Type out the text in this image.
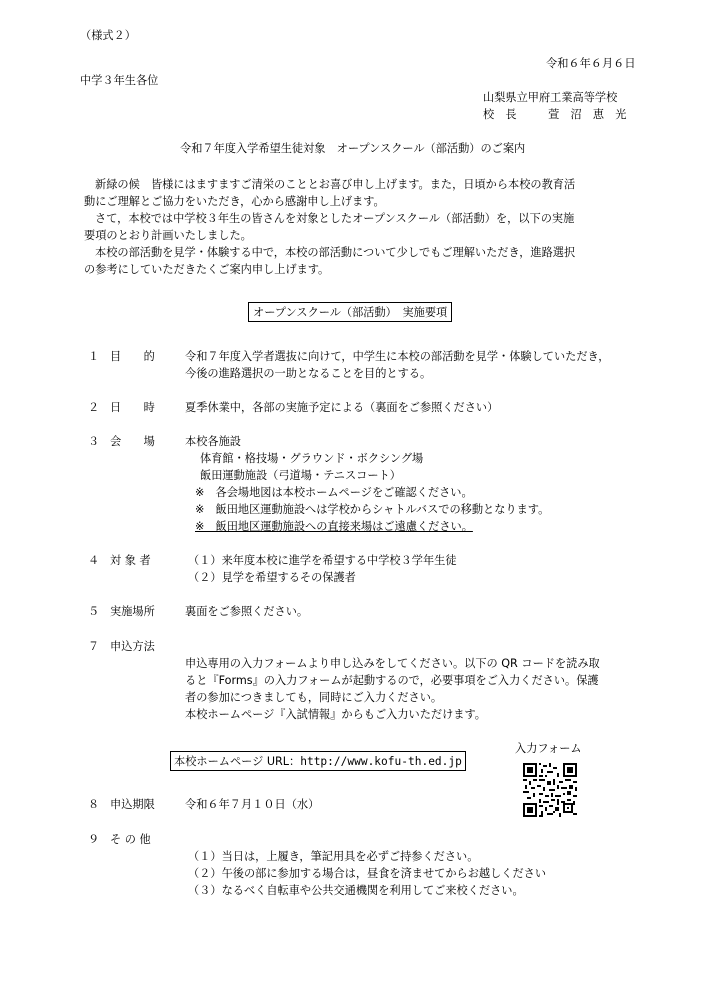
（様式２）
令和６年６月６日
中学３年生各位
山梨県立甲府工業高等学校
校　長	萱　沼　恵　光
令和７年度入学希望生徒対象　オープンスクール（部活動）のご案内
新緑の候　皆様にはますますご清栄のこととお喜び申し上げます。また，日頃から本校の教育活
動にご理解とご協力をいただき，心から感謝申し上げます。
さて，本校では中学校３年生の皆さんを対象としたオープンスクール（部活動）を，以下の実施
要項のとおり計画いたしました。
本校の部活動を見学・体験する中で，本校の部活動について少しでもご理解いただき，進路選択
の参考にしていただきたくご案内申し上げます。
オープンスクール（部活動）　実施要項
１ 目　　的	令和７年度入学者選抜に向けて，中学生に本校の部活動を見学・体験していただき，
今後の進路選択の一助となることを目的とする。
２ 日　　時	夏季休業中，各部の実施予定による（裏面をご参照ください）
３ 会　　場	本校各施設
体育館・格技場・グラウンド・ボクシング場
飯田運動施設（弓道場・テニスコート）
※　各会場地図は本校ホームページをご確認ください。
※　飯田地区運動施設へは学校からシャトルバスでの移動となります。
※　飯田地区運動施設への直接来場はご遠慮ください。
４ 対 象 者	（１）来年度本校に進学を希望する中学校３学年生徒
（２）見学を希望するその保護者
５ 実施場所	裏面をご参照ください。
７ 申込方法
申込専用の入力フォームより申し込みをしてください。以下の QR コードを読み取
ると『Forms』の入力フォームが起動するので，必要事項をご入力ください。保護
者の参加につきましても，同時にご入力ください。
本校ホームページ『入試情報』からもご入力いただけます。
入力フォーム
本校ホームページ URL：http://www.kofu-th.ed.jp
８ 申込期限	令和６年７月１０日（水）
９ そ の 他
（１）当日は，上履き，筆記用具を必ずご持参ください。
（２）午後の部に参加する場合は，昼食を済ませてからお越しください
（３）なるべく自転車や公共交通機関を利用してご来校ください。
